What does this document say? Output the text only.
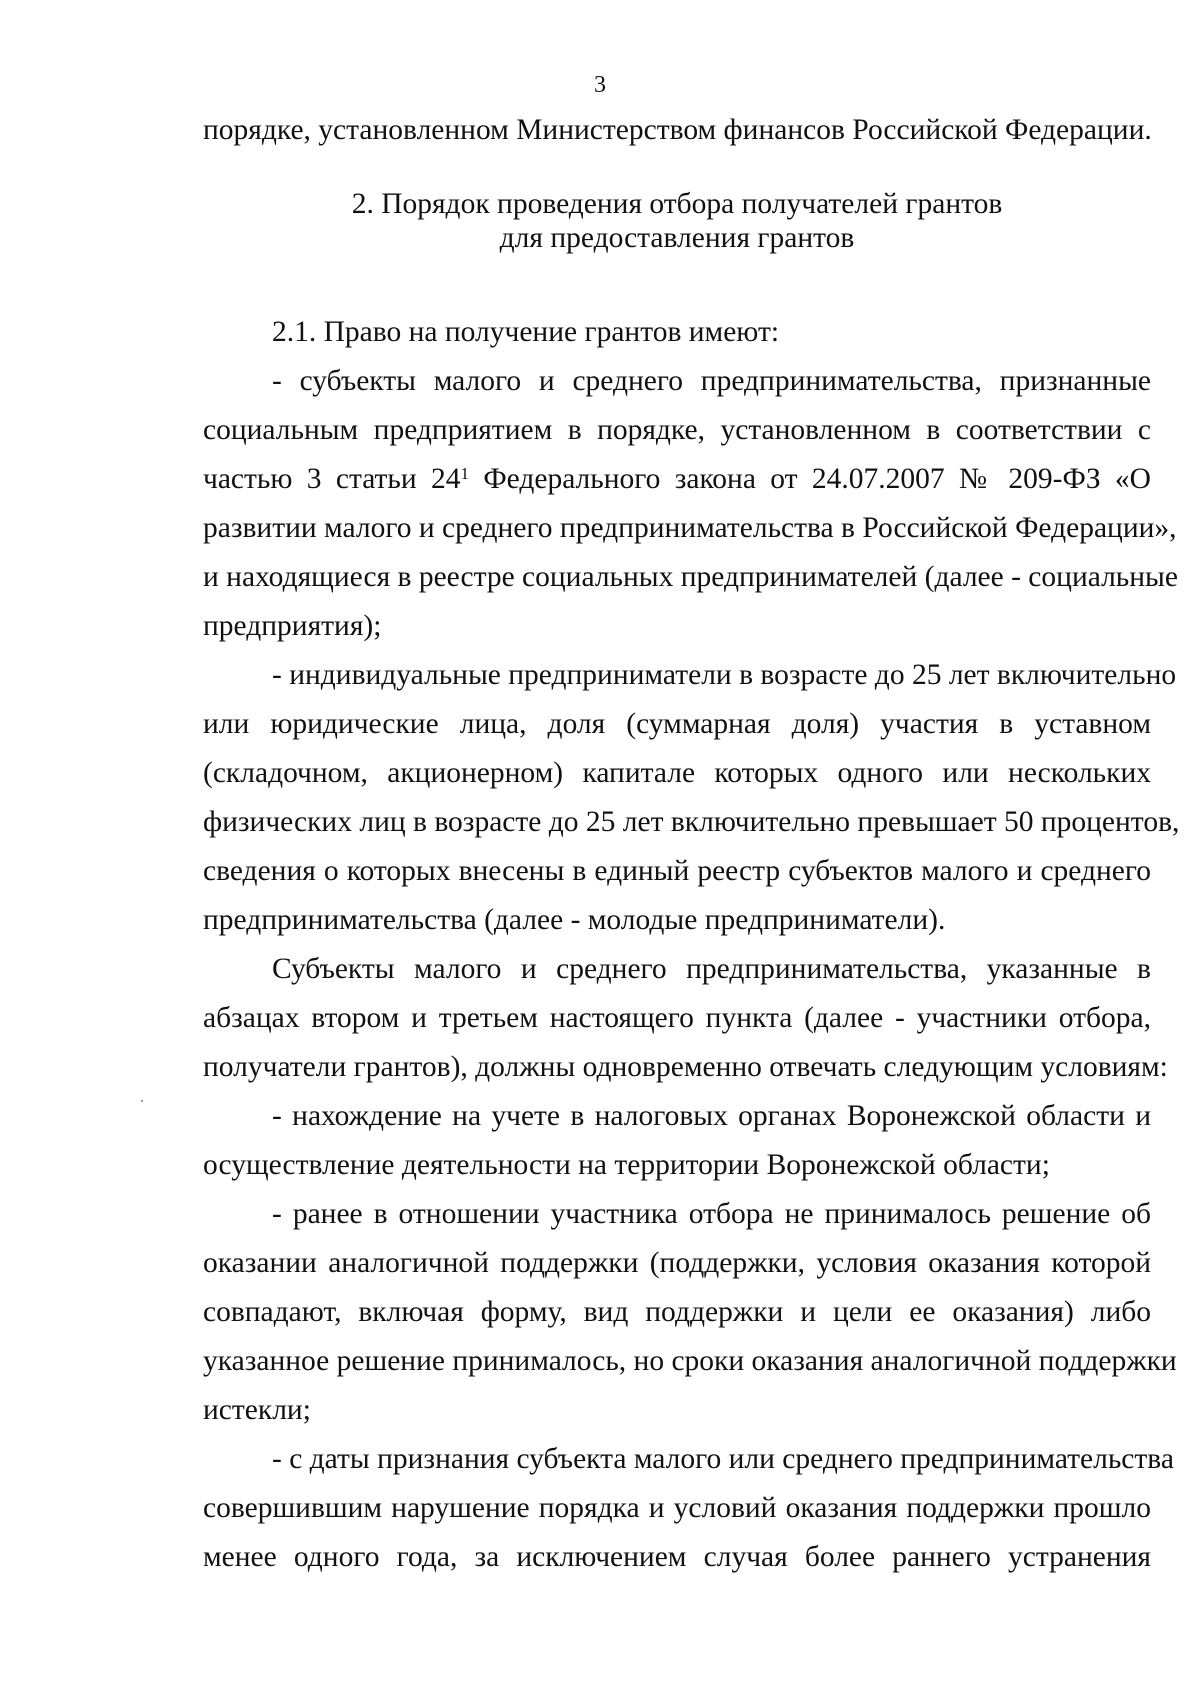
3
порядке, установленном Министерством финансов Российской Федерации.
2. Порядок проведения отбора получателей грантов
для предоставления грантов
2.1. Право на получение грантов имеют:
- субъекты малого и среднего предпринимательства, признанные
социальным предприятием в порядке, установленном в соответствии с
частью 3 статьи $24^1$ Федерального закона от 24.07.2007 № 209-ФЗ «О
развитии малого и среднего предпринимательства в Российской Федерации»,
и находящиеся в реестре социальных предпринимателей (далее - социальные
предприятия);
- индивидуальные предприниматели в возрасте до 25 лет включительно
или юридические лица, доля (суммарная доля) участия в уставном
(складочном, акционерном) капитале которых одного или нескольких
физических лиц в возрасте до 25 лет включительно превышает 50 процентов,
сведения о которых внесены в единый реестр субъектов малого и среднего
предпринимательства (далее - молодые предприниматели).
Субъекты малого и среднего предпринимательства, указанные в
абзацах втором и третьем настоящего пункта (далее - участники отбора,
получатели грантов), должны одновременно отвечать следующим условиям:
- нахождение на учете в налоговых органах Воронежской области и
осуществление деятельности на территории Воронежской области;
- ранее в отношении участника отбора не принималось решение об
оказании аналогичной поддержки (поддержки, условия оказания которой
совпадают, включая форму, вид поддержки и цели ее оказания) либо
указанное решение принималось, но сроки оказания аналогичной поддержки
истекли;
- с даты признания субъекта малого или среднего предпринимательства
совершившим нарушение порядка и условий оказания поддержки прошло
менее одного года, за исключением случая более раннего устранения
